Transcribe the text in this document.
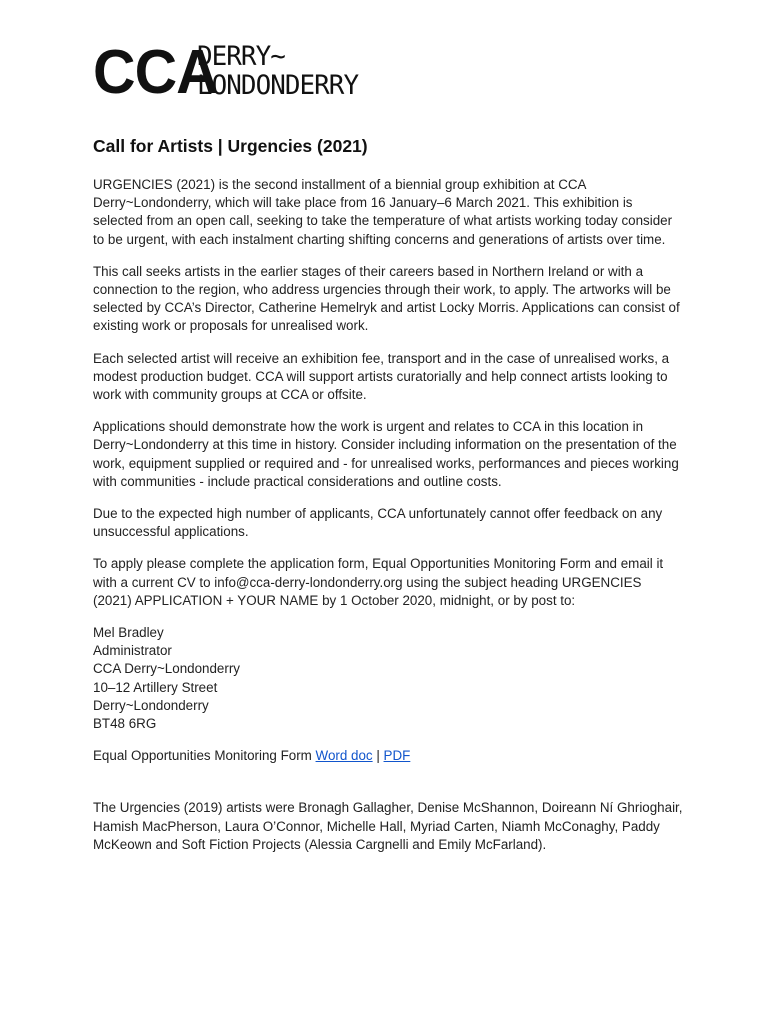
CCA
DERRY~
LONDONDERRY
Call for Artists | Urgencies (2021)

URGENCIES (2021) is the second installment of a biennial group exhibition at CCA Derry~Londonderry, which will take place from 16 January–6 March 2021. This exhibition is selected from an open call, seeking to take the temperature of what artists working today consider to be urgent, with each instalment charting shifting concerns and generations of artists over time.

This call seeks artists in the earlier stages of their careers based in Northern Ireland or with a connection to the region, who address urgencies through their work, to apply. The artworks will be selected by CCA’s Director, Catherine Hemelryk and artist Locky Morris. Applications can consist of existing work or proposals for unrealised work.

Each selected artist will receive an exhibition fee, transport and in the case of unrealised works, a modest production budget. CCA will support artists curatorially and help connect artists looking to work with community groups at CCA or offsite.

Applications should demonstrate how the work is urgent and relates to CCA in this location in Derry~Londonderry at this time in history. Consider including information on the presentation of the work, equipment supplied or required and - for unrealised works, performances and pieces working with communities - include practical considerations and outline costs.

Due to the expected high number of applicants, CCA unfortunately cannot offer feedback on any unsuccessful applications.

To apply please complete the application form, Equal Opportunities Monitoring Form and email it with a current CV to info@cca-derry-londonderry.org using the subject heading URGENCIES (2021) APPLICATION + YOUR NAME by 1 October 2020, midnight, or by post to:

Mel Bradley
Administrator
CCA Derry~Londonderry
10–12 Artillery Street
Derry~Londonderry
BT48 6RG

Equal Opportunities Monitoring Form Word doc | PDF

The Urgencies (2019) artists were Bronagh Gallagher, Denise McShannon, Doireann Ní Ghrioghair, Hamish MacPherson, Laura O’Connor, Michelle Hall, Myriad Carten, Niamh McConaghy, Paddy McKeown and Soft Fiction Projects (Alessia Cargnelli and Emily McFarland).
